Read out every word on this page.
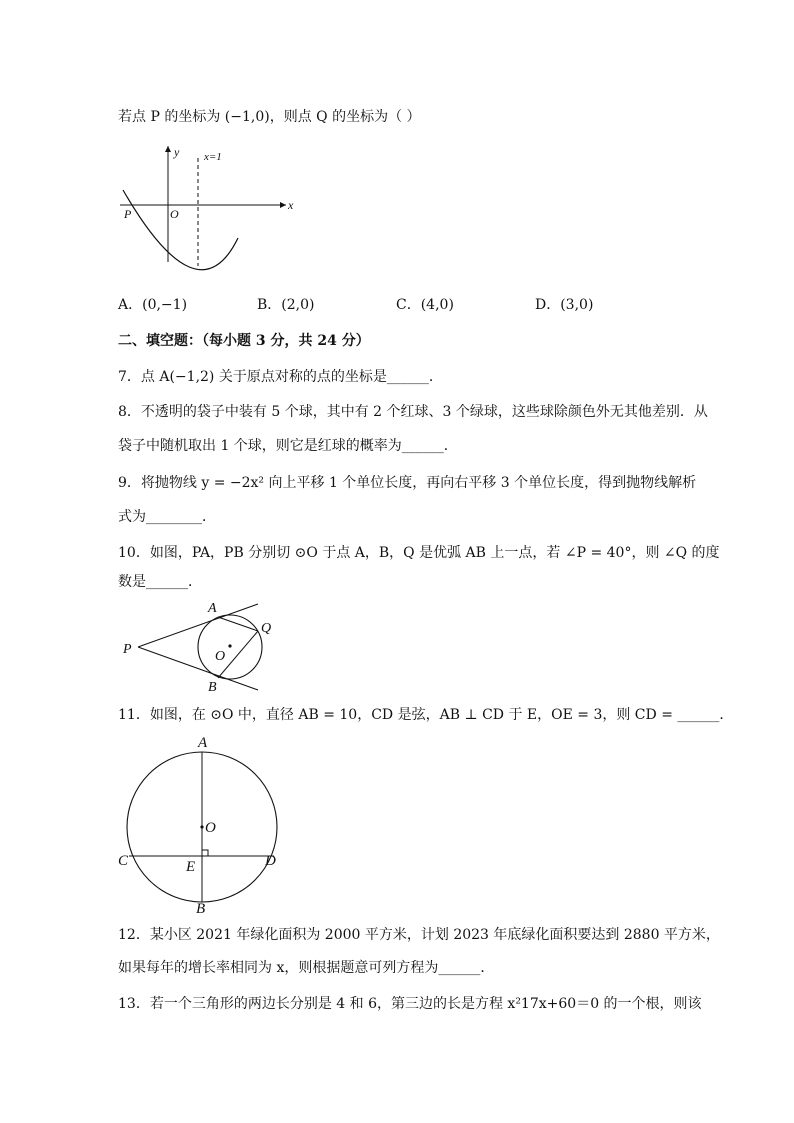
若点 P 的坐标为 (−1,0)，则点 Q 的坐标为（ ）
y
x
O
P
x=1
A．(0,−1)	B．(2,0)	C．(4,0)	D．(3,0)
二、填空题：（每小题 3 分，共 24 分）
7．点 A(−1,2) 关于原点对称的点的坐标是______．
8．不透明的袋子中装有 5 个球，其中有 2 个红球、3 个绿球，这些球除颜色外无其他差别．从
袋子中随机取出 1 个球，则它是红球的概率为______．
9．将抛物线 y = −2x² 向上平移 1 个单位长度，再向右平移 3 个单位长度，得到抛物线解析
式为________．
10．如图，PA，PB 分别切 ⊙O 于点 A，B，Q 是优弧 AB 上一点，若 ∠P = 40°，则 ∠Q 的度
数是______．
P
A
B
Q
O
11．如图，在 ⊙O 中，直径 AB = 10，CD 是弦，AB ⊥ CD 于 E，OE = 3，则 CD = ______．
A
B
C	D
E
O
12．某小区 2021 年绿化面积为 2000 平方米，计划 2023 年底绿化面积要达到 2880 平方米，
如果每年的增长率相同为 x，则根据题意可列方程为______．
13．若一个三角形的两边长分别是 4 和 6，第三边的长是方程 x²17x+60＝0 的一个根，则该
